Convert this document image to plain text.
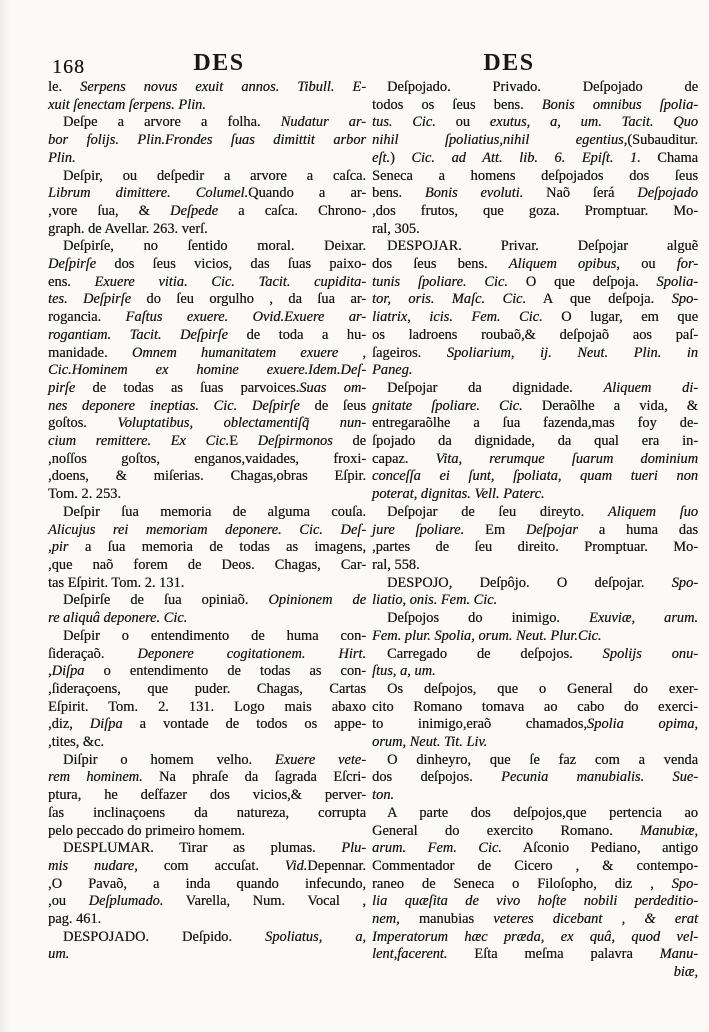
168	DES	DES
le. Serpens novus exuit annos. Tibull. E-
xuit ſenectam ſerpens. Plin.
Deſpe a arvore a folha. Nudatur ar-
bor folijs. Plin.Frondes ſuas dimittit arbor
Plin.
Deſpir, ou deſpedir a arvore a caſca.
Librum dimittere. Columel.Quando a ar-
,vore ſua, & Deſpede a caſca. Chrono-
graph. de Avellar. 263. verſ.
Deſpirſe, no ſentido moral. Deixar.
Deſpirſe dos ſeus vicios, das ſuas paixo-
ens. Exuere vitia. Cic. Tacit. cupidita-
tes. Deſpirſe do ſeu orgulho , da ſua ar-
rogancia. Faſtus exuere. Ovid.Exuere ar-
rogantiam. Tacit. Deſpirſe de toda a hu-
manidade. Omnem humanitatem exuere ,
Cic.Hominem ex homine exuere.Idem.Deſ-
pirſe de todas as ſuas parvoices.Suas om-
nes deponere ineptias. Cic. Deſpirſe de ſeus
goſtos. Voluptatibus, oblectamentiſq̃ nun-
cium remittere. Ex Cic.E Deſpirmonos de
,noſſos goſtos, enganos,vaidades, froxi-
,doens, & miſerias. Chagas,obras Eſpir.
Tom. 2. 253.
Deſpir ſua memoria de alguma couſa.
Alicujus rei memoriam deponere. Cic. Deſ-
,pir a ſua memoria de todas as imagens,
,que naõ forem de Deos. Chagas, Car-
tas Eſpirit. Tom. 2. 131.
Deſpirſe de ſua opiniaõ. Opinionem de
re aliquâ deponere. Cic.
Deſpir o entendimento de huma con-
ſideraçaõ. Deponere cogitationem. Hirt.
,Diſpa o entendimento de todas as con-
,ſideraçoens, que puder. Chagas, Cartas
Eſpirit. Tom. 2. 131. Logo mais abaxo
,diz, Diſpa a vontade de todos os appe-
,tites, &c.
Diſpir o homem velho. Exuere vete-
rem hominem. Na phraſe da ſagrada Eſcri-
ptura, he deſfazer dos vicios,& perver-
ſas inclinaçoens da natureza, corrupta
pelo peccado do primeiro homem.
DESPLUMAR. Tirar as plumas. Plu-
mis nudare, com accuſat. Vid.Depennar.
,O Pavaõ, a inda quando infecundo,
,ou Deſplumado. Varella, Num. Vocal ,
pag. 461.
DESPOJADO. Deſpido. Spoliatus, a,
um.
Deſpojado. Privado. Deſpojado de
todos os ſeus bens. Bonis omnibus ſpolia-
tus. Cic. ou exutus, a, um. Tacit. Quo
nihil ſpoliatius,nihil egentius,(Subauditur.
eſt.) Cic. ad Att. lib. 6. Epiſt. 1. Chama
Seneca a homens deſpojados dos ſeus
bens. Bonis evoluti. Naõ ſerá Deſpojado
,dos frutos, que goza. Promptuar. Mo-
ral, 305.
DESPOJAR. Privar. Deſpojar alguẽ
dos ſeus bens. Aliquem opibus, ou for-
tunis ſpoliare. Cic. O que deſpoja. Spolia-
tor, oris. Maſc. Cic. A que deſpoja. Spo-
liatrix, icis. Fem. Cic. O lugar, em que
os ladroens roubaõ,& deſpojaõ aos paſ-
ſageiros. Spoliarium, ij. Neut. Plin. in
Paneg.
Deſpojar da dignidade. Aliquem di-
gnitate ſpoliare. Cic. Deraõlhe a vida, &
entregaraõlhe a ſua fazenda,mas foy de-
ſpojado da dignidade, da qual era in-
capaz. Vita, rerumque ſuarum dominium
conceſſa ei ſunt, ſpoliata, quam tueri non
poterat, dignitas. Vell. Paterc.
Deſpojar de ſeu direyto. Aliquem ſuo
jure ſpoliare. Em Deſpojar a huma das
,partes de ſeu direito. Promptuar. Mo-
ral, 558.
DESPOJO, Deſpôjo. O deſpojar. Spo-
liatio, onis. Fem. Cic.
Deſpojos do inimigo. Exuviæ, arum.
Fem. plur. Spolia, orum. Neut. Plur.Cic.
Carregado de deſpojos. Spolijs onu-
ſtus, a, um.
Os deſpojos, que o General do exer-
cito Romano tomava ao cabo do exerci-
to inimigo,eraõ chamados,Spolia opima,
orum, Neut. Tit. Liv.
O dinheyro, que ſe faz com a venda
dos deſpojos. Pecunia manubialis. Sue-
ton.
A parte dos deſpojos,que pertencia ao
General do exercito Romano. Manubiæ,
arum. Fem. Cic. Aſconio Pediano, antigo
Commentador de Cicero , & contempo-
raneo de Seneca o Filoſopho, diz , Spo-
lia quæſita de vivo hoſte nobili perdeditio-
nem, manubias veteres dicebant , & erat
Imperatorum hæc præda, ex quâ, quod vel-
lent,facerent. Eſta meſma palavra Manu-
biæ,
